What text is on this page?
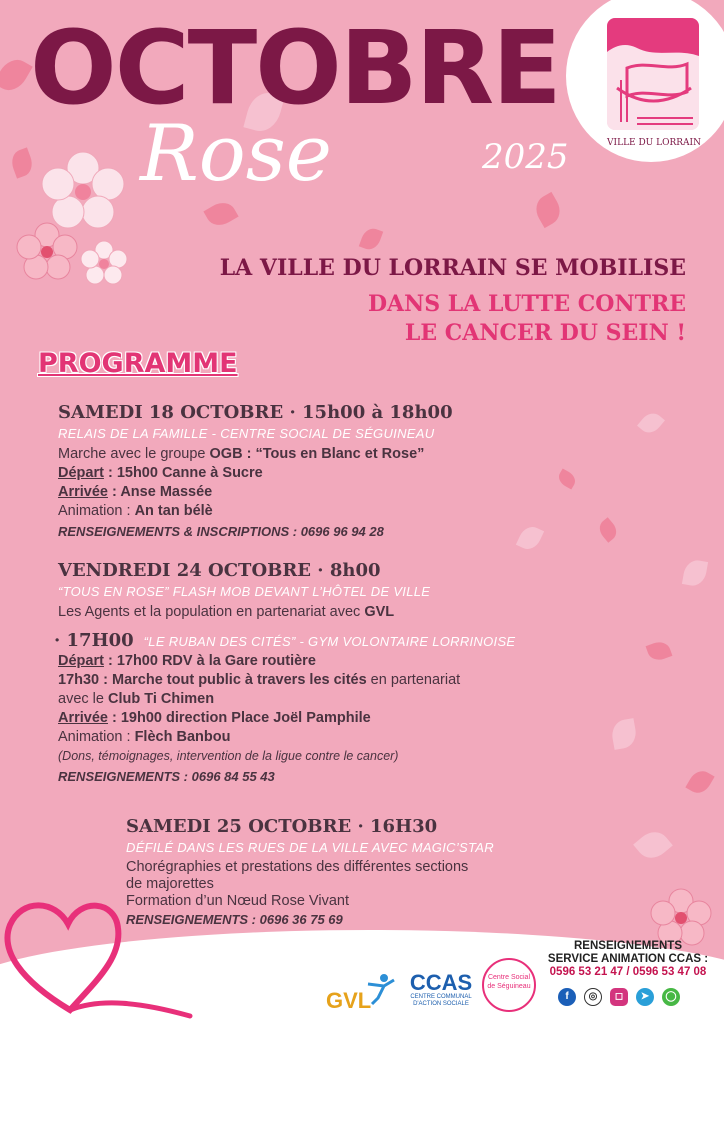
OCTOBRE
Rose	2025	VILLE DU LORRAIN
LA VILLE DU LORRAIN SE MOBILISE
DANS LA LUTTE CONTRE
LE CANCER DU SEIN !
PROGRAMME
SAMEDI 18 OCTOBRE · 15h00 à 18h00
RELAIS DE LA FAMILLE - CENTRE SOCIAL DE SÉGUINEAU
Marche avec le groupe OGB : “Tous en Blanc et Rose”
Départ : 15h00 Canne à Sucre
Arrivée : Anse Massée
Animation : An tan bélè
RENSEIGNEMENTS & INSCRIPTIONS : 0696 96 94 28
VENDREDI 24 OCTOBRE · 8h00
“TOUS EN ROSE” FLASH MOB DEVANT L’HÔTEL DE VILLE
Les Agents et la population en partenariat avec GVL
· 17H00 “LE RUBAN DES CITÉS” - GYM VOLONTAIRE LORRINOISE
Départ : 17h00 RDV à la Gare routière
17h30 : Marche tout public à travers les cités en partenariat
avec le Club Ti Chimen
Arrivée : 19h00 direction Place Joël Pamphile
Animation : Flèch Banbou
(Dons, témoignages, intervention de la ligue contre le cancer)
RENSEIGNEMENTS : 0696 84 55 43
SAMEDI 25 OCTOBRE · 16H30
DÉFILÉ DANS LES RUES DE LA VILLE AVEC MAGIC’STAR
Chorégraphies et prestations des différentes sections
de majorettes
Formation d’un Nœud Rose Vivant
RENSEIGNEMENTS : 0696 36 75 69
GVL
CCAS
CENTRE COMMUNAL D'ACTION SOCIALE
Centre Social de Séguineau
RENSEIGNEMENTS
SERVICE ANIMATION CCAS :
0596 53 21 47 / 0596 53 47 08
f	◎	◻	➤	◯
